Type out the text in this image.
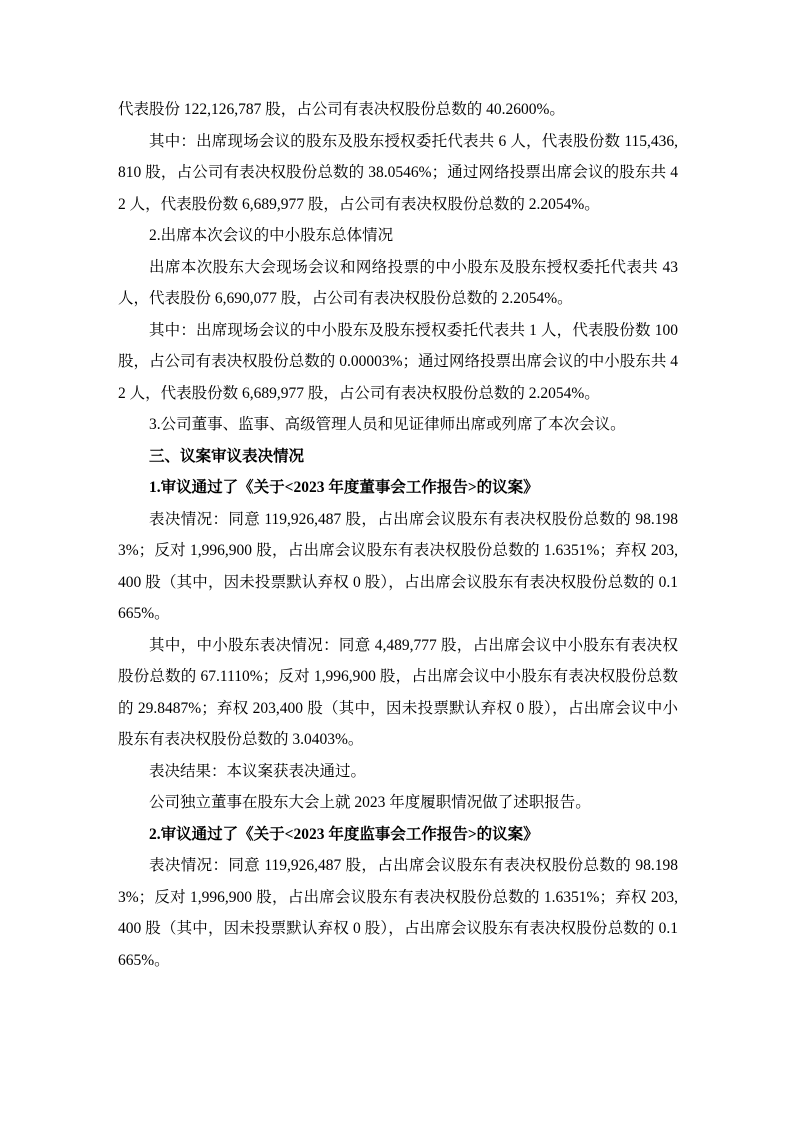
代表股份 122,126,787 股，占公司有表决权股份总数的 40.2600%。

其中：出席现场会议的股东及股东授权委托代表共 6 人，代表股份数 115,436,810 股，占公司有表决权股份总数的 38.0546%；通过网络投票出席会议的股东共 42 人，代表股份数 6,689,977 股，占公司有表决权股份总数的 2.2054%。

2.出席本次会议的中小股东总体情况

出席本次股东大会现场会议和网络投票的中小股东及股东授权委托代表共 43 人，代表股份 6,690,077 股，占公司有表决权股份总数的 2.2054%。

其中：出席现场会议的中小股东及股东授权委托代表共 1 人，代表股份数 100 股，占公司有表决权股份总数的 0.00003%；通过网络投票出席会议的中小股东共 42 人，代表股份数 6,689,977 股，占公司有表决权股份总数的 2.2054%。

3.公司董事、监事、高级管理人员和见证律师出席或列席了本次会议。

三、议案审议表决情况

1.审议通过了《关于<2023 年度董事会工作报告>的议案》

表决情况：同意 119,926,487 股，占出席会议股东有表决权股份总数的 98.1983%；反对 1,996,900 股，占出席会议股东有表决权股份总数的 1.6351%；弃权 203,400 股（其中，因未投票默认弃权 0 股），占出席会议股东有表决权股份总数的 0.1665%。

其中，中小股东表决情况：同意 4,489,777 股，占出席会议中小股东有表决权股份总数的 67.1110%；反对 1,996,900 股，占出席会议中小股东有表决权股份总数的 29.8487%；弃权 203,400 股（其中，因未投票默认弃权 0 股），占出席会议中小股东有表决权股份总数的 3.0403%。

表决结果：本议案获表决通过。

公司独立董事在股东大会上就 2023 年度履职情况做了述职报告。

2.审议通过了《关于<2023 年度监事会工作报告>的议案》

表决情况：同意 119,926,487 股，占出席会议股东有表决权股份总数的 98.1983%；反对 1,996,900 股，占出席会议股东有表决权股份总数的 1.6351%；弃权 203,400 股（其中，因未投票默认弃权 0 股），占出席会议股东有表决权股份总数的 0.1665%。
